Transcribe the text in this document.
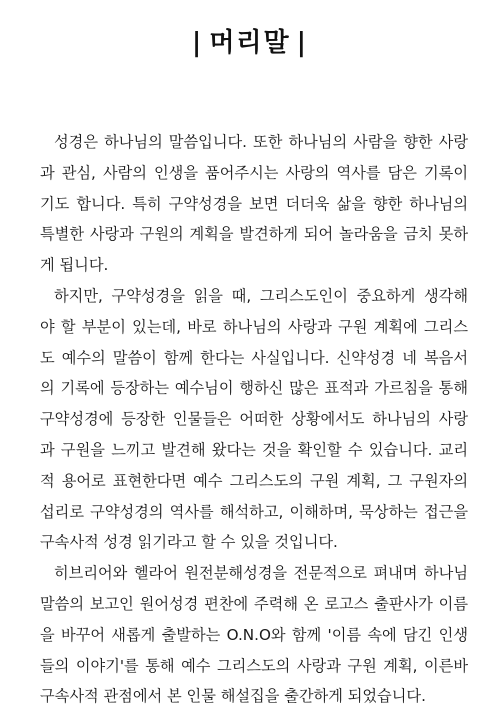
| 머리말 |
성경은 하나님의 말씀입니다. 또한 하나님의 사람을 향한 사랑
과 관심, 사람의 인생을 품어주시는 사랑의 역사를 담은 기록이
기도 합니다. 특히 구약성경을 보면 더더욱 삶을 향한 하나님의
특별한 사랑과 구원의 계획을 발견하게 되어 놀라움을 금치 못하
게 됩니다.
하지만, 구약성경을 읽을 때, 그리스도인이 중요하게 생각해
야 할 부분이 있는데, 바로 하나님의 사랑과 구원 계획에 그리스
도 예수의 말씀이 함께 한다는 사실입니다. 신약성경 네 복음서
의 기록에 등장하는 예수님이 행하신 많은 표적과 가르침을 통해
구약성경에 등장한 인물들은 어떠한 상황에서도 하나님의 사랑
과 구원을 느끼고 발견해 왔다는 것을 확인할 수 있습니다. 교리
적 용어로 표현한다면 예수 그리스도의 구원 계획, 그 구원자의
섭리로 구약성경의 역사를 해석하고, 이해하며, 묵상하는 접근을
구속사적 성경 읽기라고 할 수 있을 것입니다.
히브리어와 헬라어 원전분해성경을 전문적으로 펴내며 하나님
말씀의 보고인 원어성경 편찬에 주력해 온 로고스 출판사가 이름
을 바꾸어 새롭게 출발하는 O.N.O와 함께 '이름 속에 담긴 인생
들의 이야기'를 통해 예수 그리스도의 사랑과 구원 계획, 이른바
구속사적 관점에서 본 인물 해설집을 출간하게 되었습니다.
